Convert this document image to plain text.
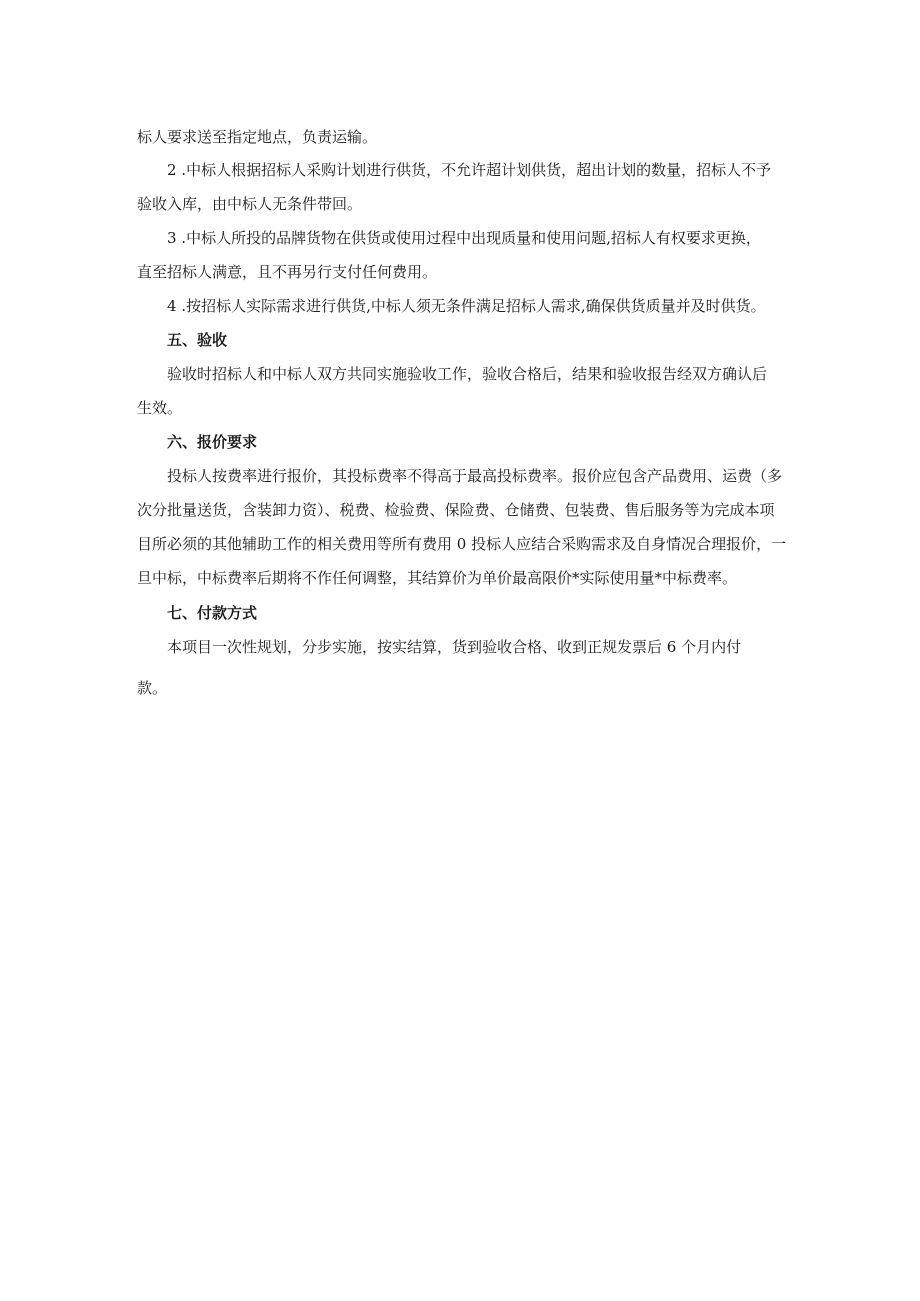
标人要求送至指定地点，负责运输。
2 .中标人根据招标人采购计划进行供货，不允许超计划供货，超出计划的数量，招标人不予
验收入库，由中标人无条件带回。
3 .中标人所投的品牌货物在供货或使用过程中出现质量和使用问题,招标人有权要求更换，
直至招标人满意，且不再另行支付任何费用。
4 .按招标人实际需求进行供货,中标人须无条件满足招标人需求,确保供货质量并及时供货。
五、验收
验收时招标人和中标人双方共同实施验收工作，验收合格后，结果和验收报告经双方确认后
生效。
六、报价要求
投标人按费率进行报价，其投标费率不得高于最高投标费率。报价应包含产品费用、运费（多
次分批量送货，含装卸力资）、税费、检验费、保险费、仓储费、包装费、售后服务等为完成本项
目所必须的其他辅助工作的相关费用等所有费用 0 投标人应结合采购需求及自身情况合理报价，一
旦中标，中标费率后期将不作任何调整，其结算价为单价最高限价*实际使用量*中标费率。
七、付款方式
本项目一次性规划，分步实施，按实结算，货到验收合格、收到正规发票后 6 个月内付
款。
